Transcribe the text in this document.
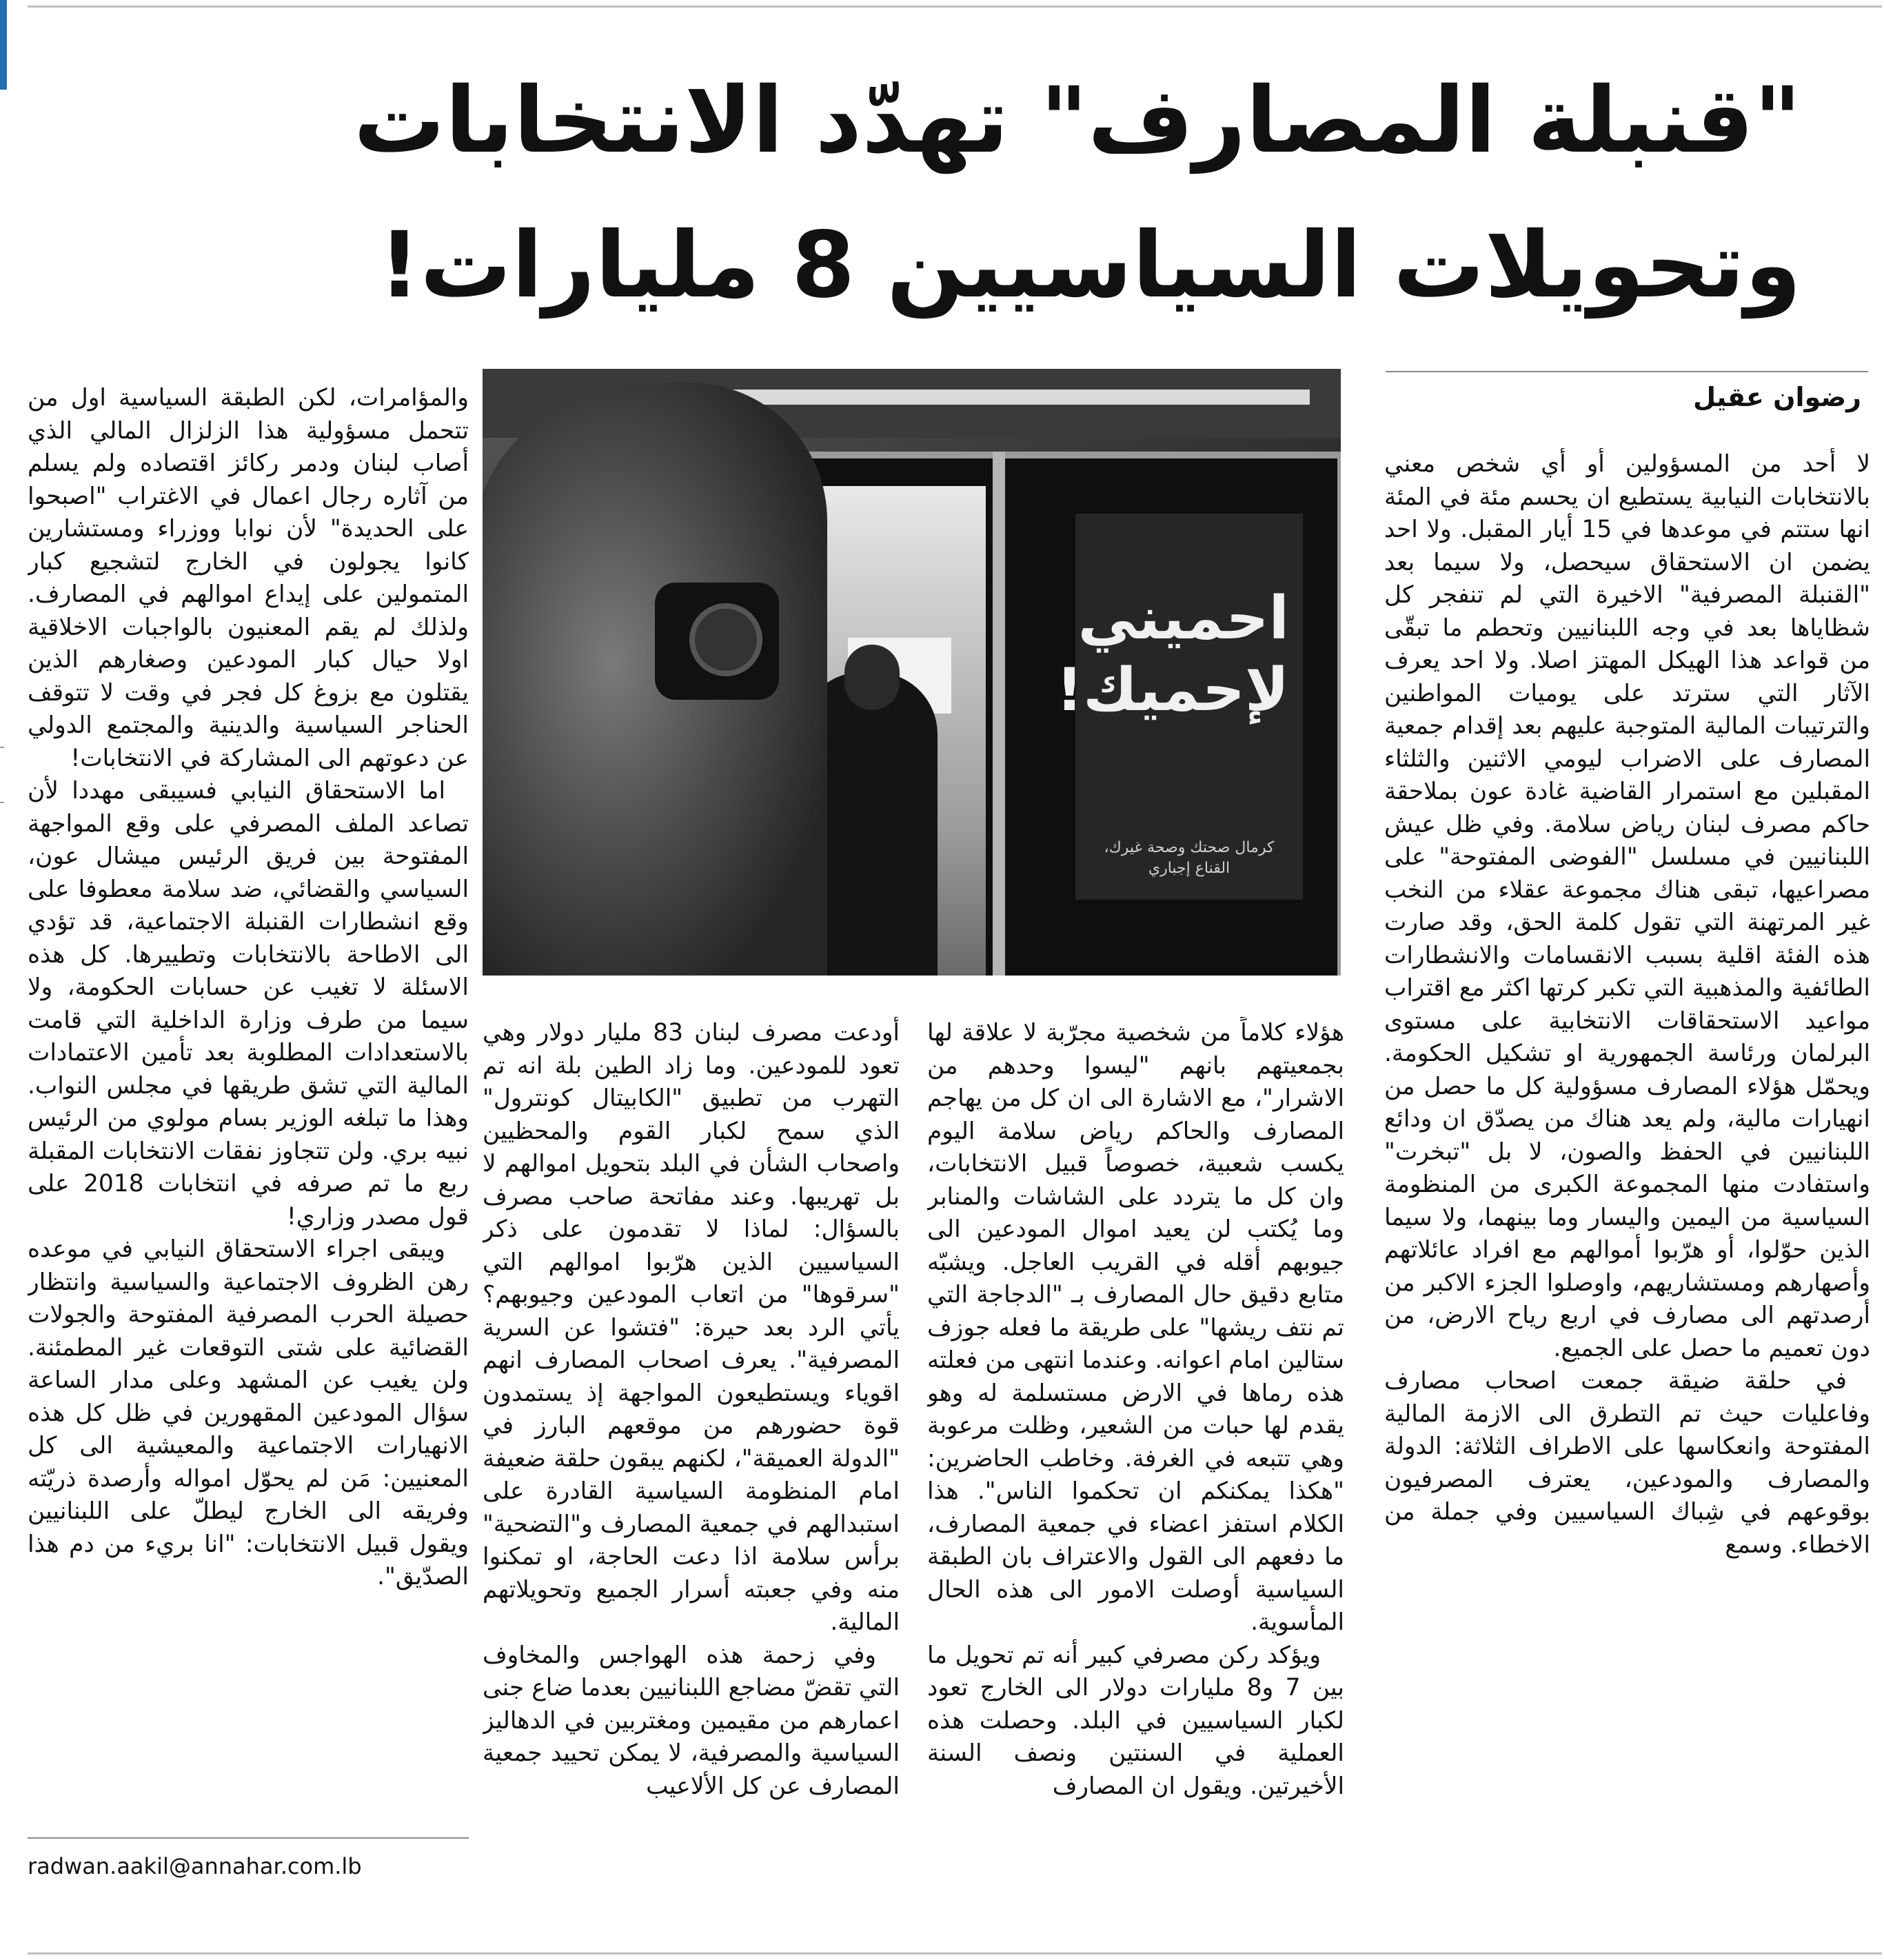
"قنبلة المصارف" تهدّد الانتخابات
وتحويلات السياسيين 8 مليارات!
رضوان عقيل
احميني لإحميك!
كرمال صحتك وصحة غيرك، القناع إجباري

لا أحد من المسؤولين أو أي شخص معني بالانتخابات النيابية يستطيع ان يحسم مئة في المئة انها ستتم في موعدها في 15 أيار المقبل. ولا احد يضمن ان الاستحقاق سيحصل، ولا سيما بعد "القنبلة المصرفية" الاخيرة التي لم تنفجر كل شظاياها بعد في وجه اللبنانيين وتحطم ما تبقّى من قواعد هذا الهيكل المهتز اصلا. ولا احد يعرف الآثار التي سترتد على يوميات المواطنين والترتيبات المالية المتوجبة عليهم بعد إقدام جمعية المصارف على الاضراب ليومي الاثنين والثلثاء المقبلين مع استمرار القاضية غادة عون بملاحقة حاكم مصرف لبنان رياض سلامة. وفي ظل عيش اللبنانيين في مسلسل "الفوضى المفتوحة" على مصراعيها، تبقى هناك مجموعة عقلاء من النخب غير المرتهنة التي تقول كلمة الحق، وقد صارت هذه الفئة اقلية بسبب الانقسامات والانشطارات الطائفية والمذهبية التي تكبر كرتها اكثر مع اقتراب مواعيد الاستحقاقات الانتخابية على مستوى البرلمان ورئاسة الجمهورية او تشكيل الحكومة. ويحمّل هؤلاء المصارف مسؤولية كل ما حصل من انهيارات مالية، ولم يعد هناك من يصدّق ان ودائع اللبنانيين في الحفظ والصون، لا بل "تبخرت" واستفادت منها المجموعة الكبرى من المنظومة السياسية من اليمين واليسار وما بينهما، ولا سيما الذين حوّلوا، أو هرّبوا أموالهم مع افراد عائلاتهم وأصهارهم ومستشاريهم، واوصلوا الجزء الاكبر من أرصدتهم الى مصارف في اربع رياح الارض، من دون تعميم ما حصل على الجميع.

في حلقة ضيقة جمعت اصحاب مصارف وفاعليات حيث تم التطرق الى الازمة المالية المفتوحة وانعكاسها على الاطراف الثلاثة: الدولة والمصارف والمودعين، يعترف المصرفيون بوقوعهم في شِباك السياسيين وفي جملة من الاخطاء. وسمع

هؤلاء كلاماً من شخصية مجرّبة لا علاقة لها بجمعيتهم بانهم "ليسوا وحدهم من الاشرار"، مع الاشارة الى ان كل من يهاجم المصارف والحاكم رياض سلامة اليوم يكسب شعبية، خصوصاً قبيل الانتخابات، وان كل ما يتردد على الشاشات والمنابر وما يُكتب لن يعيد اموال المودعين الى جيوبهم أقله في القريب العاجل. ويشبّه متابع دقيق حال المصارف بـ "الدجاجة التي تم نتف ريشها" على طريقة ما فعله جوزف ستالين امام اعوانه. وعندما انتهى من فعلته هذه رماها في الارض مستسلمة له وهو يقدم لها حبات من الشعير، وظلت مرعوبة وهي تتبعه في الغرفة. وخاطب الحاضرين: "هكذا يمكنكم ان تحكموا الناس". هذا الكلام استفز اعضاء في جمعية المصارف، ما دفعهم الى القول والاعتراف بان الطبقة السياسية أوصلت الامور الى هذه الحال المأسوية.

ويؤكد ركن مصرفي كبير أنه تم تحويل ما بين 7 و8 مليارات دولار الى الخارج تعود لكبار السياسيين في البلد. وحصلت هذه العملية في السنتين ونصف السنة الأخيرتين. ويقول ان المصارف

أودعت مصرف لبنان 83 مليار دولار وهي تعود للمودعين. وما زاد الطين بلة انه تم التهرب من تطبيق "الكابيتال كونترول" الذي سمح لكبار القوم والمحظيين واصحاب الشأن في البلد بتحويل اموالهم لا بل تهريبها. وعند مفاتحة صاحب مصرف بالسؤال: لماذا لا تقدمون على ذكر السياسيين الذين هرّبوا اموالهم التي "سرقوها" من اتعاب المودعين وجيوبهم؟ يأتي الرد بعد حيرة: "فتشوا عن السرية المصرفية". يعرف اصحاب المصارف انهم اقوياء ويستطيعون المواجهة إذ يستمدون قوة حضورهم من موقعهم البارز في "الدولة العميقة"، لكنهم يبقون حلقة ضعيفة امام المنظومة السياسية القادرة على استبدالهم في جمعية المصارف و"التضحية" برأس سلامة اذا دعت الحاجة، او تمكنوا منه وفي جعبته أسرار الجميع وتحويلاتهم المالية.

وفي زحمة هذه الهواجس والمخاوف التي تقضّ مضاجع اللبنانيين بعدما ضاع جنى اعمارهم من مقيمين ومغتربين في الدهاليز السياسية والمصرفية، لا يمكن تحييد جمعية المصارف عن كل الألاعيب

والمؤامرات، لكن الطبقة السياسية اول من تتحمل مسؤولية هذا الزلزال المالي الذي أصاب لبنان ودمر ركائز اقتصاده ولم يسلم من آثاره رجال اعمال في الاغتراب "اصبحوا على الحديدة" لأن نوابا ووزراء ومستشارين كانوا يجولون في الخارج لتشجيع كبار المتمولين على إيداع اموالهم في المصارف. ولذلك لم يقم المعنيون بالواجبات الاخلاقية اولا حيال كبار المودعين وصغارهم الذين يقتلون مع بزوغ كل فجر في وقت لا تتوقف الحناجر السياسية والدينية والمجتمع الدولي عن دعوتهم الى المشاركة في الانتخابات!

اما الاستحقاق النيابي فسيبقى مهددا لأن تصاعد الملف المصرفي على وقع المواجهة المفتوحة بين فريق الرئيس ميشال عون، السياسي والقضائي، ضد سلامة معطوفا على وقع انشطارات القنبلة الاجتماعية، قد تؤدي الى الاطاحة بالانتخابات وتطييرها. كل هذه الاسئلة لا تغيب عن حسابات الحكومة، ولا سيما من طرف وزارة الداخلية التي قامت بالاستعدادات المطلوبة بعد تأمين الاعتمادات المالية التي تشق طريقها في مجلس النواب. وهذا ما تبلغه الوزير بسام مولوي من الرئيس نبيه بري. ولن تتجاوز نفقات الانتخابات المقبلة ربع ما تم صرفه في انتخابات 2018 على قول مصدر وزاري!

ويبقى اجراء الاستحقاق النيابي في موعده رهن الظروف الاجتماعية والسياسية وانتظار حصيلة الحرب المصرفية المفتوحة والجولات القضائية على شتى التوقعات غير المطمئنة. ولن يغيب عن المشهد وعلى مدار الساعة سؤال المودعين المقهورين في ظل كل هذه الانهيارات الاجتماعية والمعيشية الى كل المعنيين: مَن لم يحوّل امواله وأرصدة ذريّته وفريقه الى الخارج ليطلّ على اللبنانيين ويقول قبيل الانتخابات: "انا بريء من دم هذا الصدّيق".

radwan.aakil@annahar.com.lb
